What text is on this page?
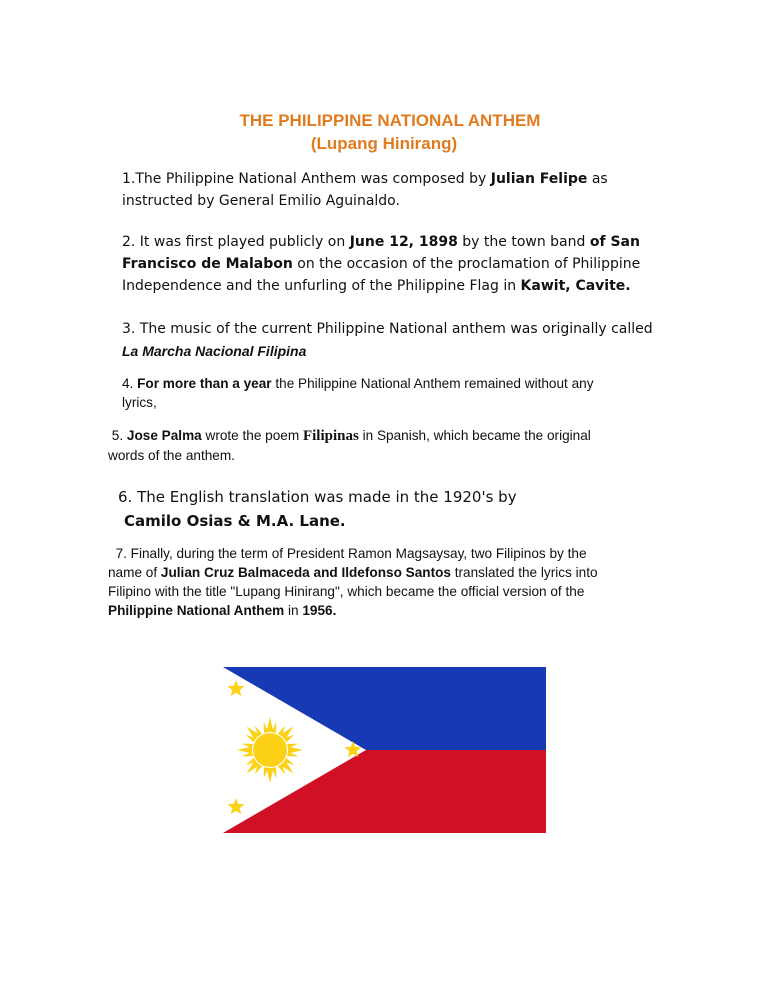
THE PHILIPPINE NATIONAL ANTHEM
(Lupang Hinirang)

1.The Philippine National Anthem was composed by Julian Felipe as
instructed by General Emilio Aguinaldo.

2. It was first played publicly on June 12, 1898 by the town band of San
Francisco de Malabon on the occasion of the proclamation of Philippine
Independence and the unfurling of the Philippine Flag in Kawit, Cavite.

3. The music of the current Philippine National anthem was originally called
La Marcha Nacional Filipina

4. For more than a year the Philippine National Anthem remained without any
lyrics,

5. Jose Palma wrote the poem Filipinas in Spanish, which became the original
words of the anthem.

6. The English translation was made in the 1920's by
Camilo Osias & M.A. Lane.

7. Finally, during the term of President Ramon Magsaysay, two Filipinos by the
name of Julian Cruz Balmaceda and Ildefonso Santos translated the lyrics into
Filipino with the title "Lupang Hinirang", which became the official version of the
Philippine National Anthem in 1956.
